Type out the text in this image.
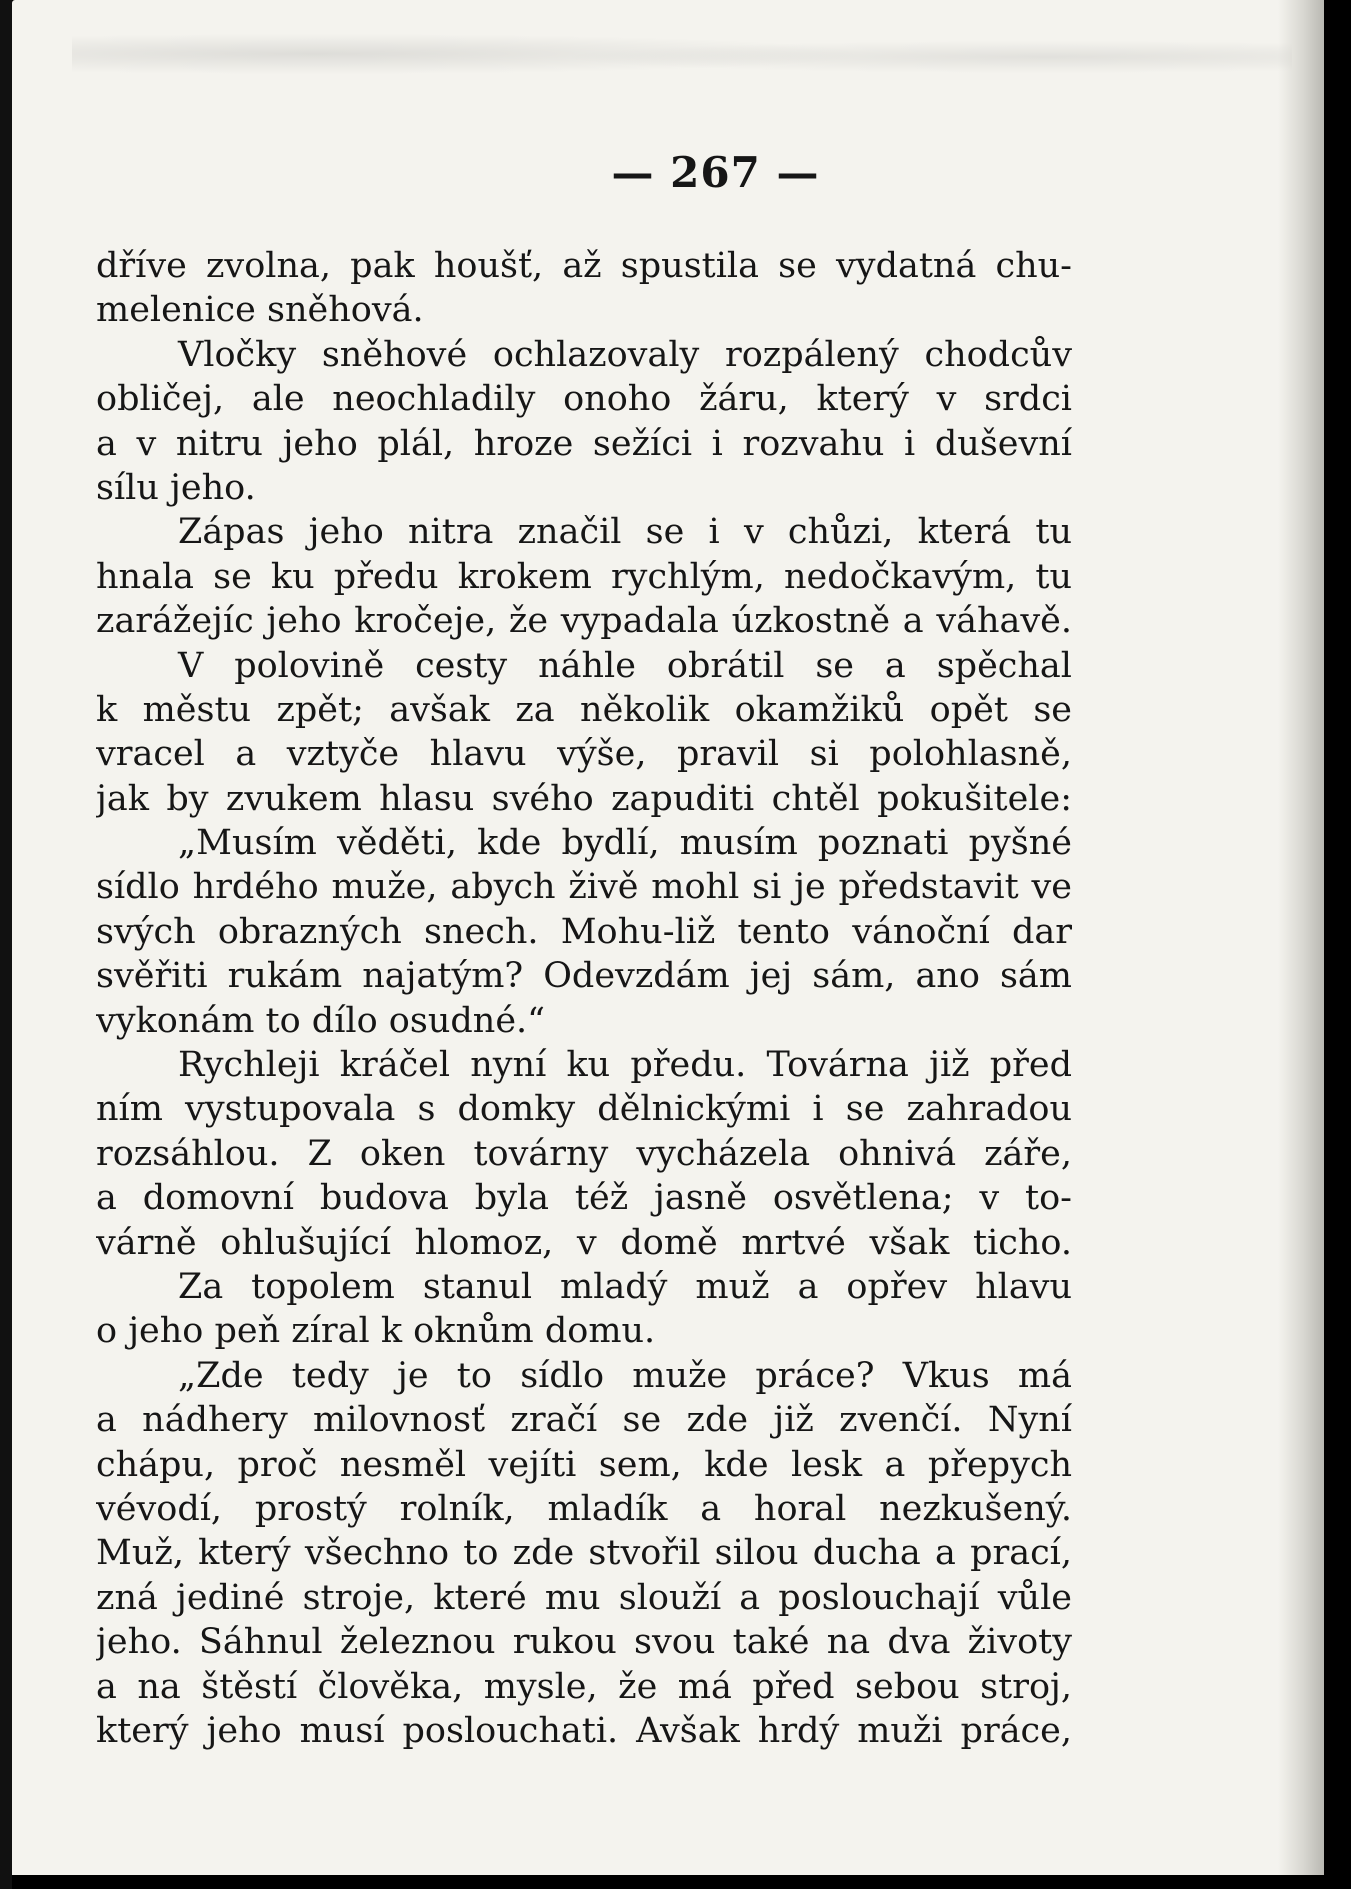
— 267 —
dříve zvolna, pak houšť, až spustila se vydatná chu-
melenice sněhová.
Vločky sněhové ochlazovaly rozpálený chodcův
obličej, ale neochladily onoho žáru, který v srdci
a v nitru jeho plál, hroze sežíci i rozvahu i duševní
sílu jeho.
Zápas jeho nitra značil se i v chůzi, která tu
hnala se ku předu krokem rychlým, nedočkavým, tu
zarážejíc jeho kročeje, že vypadala úzkostně a váhavě.
V polovině cesty náhle obrátil se a spěchal
k městu zpět; avšak za několik okamžiků opět se
vracel a vztyče hlavu výše, pravil si polohlasně,
jak by zvukem hlasu svého zapuditi chtěl pokušitele:
„Musím věděti, kde bydlí, musím poznati pyšné
sídlo hrdého muže, abych živě mohl si je představit ve
svých obrazných snech. Mohu-liž tento vánoční dar
svěřiti rukám najatým? Odevzdám jej sám, ano sám
vykonám to dílo osudné.“
Rychleji kráčel nyní ku předu. Továrna již před
ním vystupovala s domky dělnickými i se zahradou
rozsáhlou. Z oken továrny vycházela ohnivá záře,
a domovní budova byla též jasně osvětlena; v to-
várně ohlušující hlomoz, v domě mrtvé však ticho.
Za topolem stanul mladý muž a opřev hlavu
o jeho peň zíral k oknům domu.
„Zde tedy je to sídlo muže práce? Vkus má
a nádhery milovnosť zračí se zde již zvenčí. Nyní
chápu, proč nesměl vejíti sem, kde lesk a přepych
vévodí, prostý rolník, mladík a horal nezkušený.
Muž, který všechno to zde stvořil silou ducha a prací,
zná jediné stroje, které mu slouží a poslouchají vůle
jeho. Sáhnul železnou rukou svou také na dva životy
a na štěstí člověka, mysle, že má před sebou stroj,
který jeho musí poslouchati. Avšak hrdý muži práce,
